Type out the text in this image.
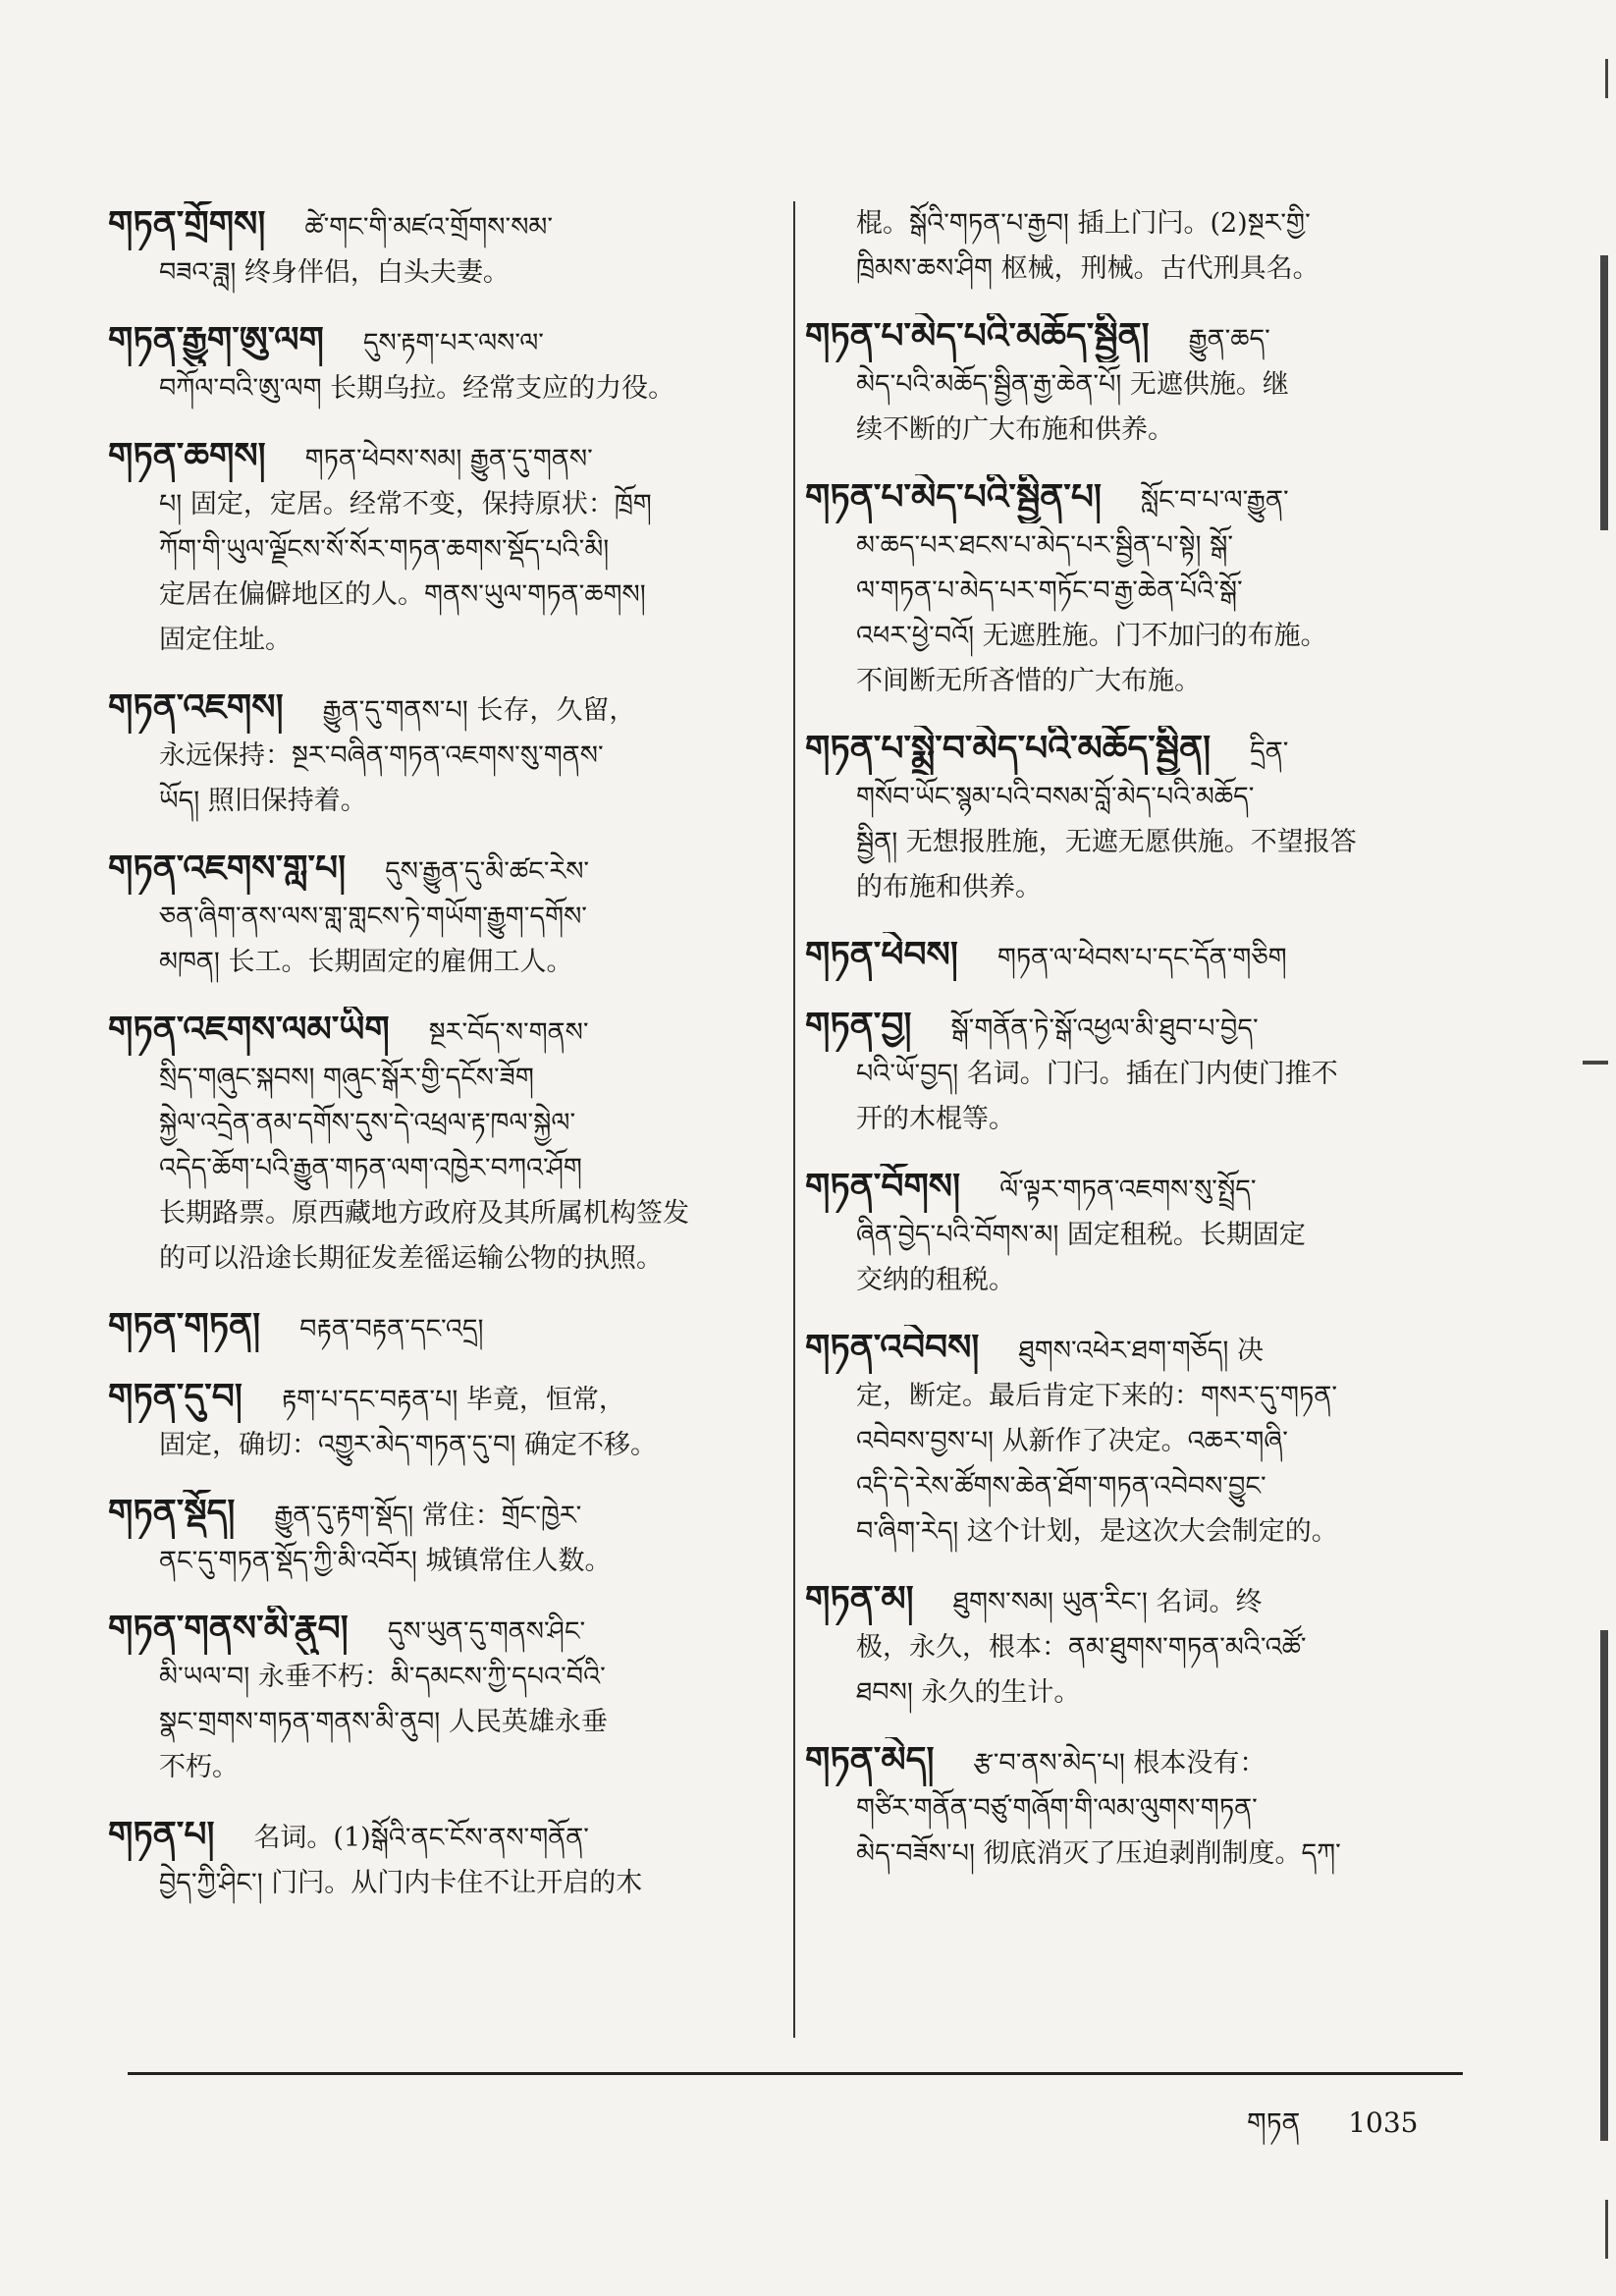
གཏན་གྲོགས། ཚེ་གང་གི་མཛའ་གྲོགས་སམ་
བཟའ་ཟླ། 终身伴侣，白头夫妻。
གཏན་རྒྱུག་ཨུ་ལག དུས་རྟག་པར་ལས་ལ་
བཀོལ་བའི་ཨུ་ལག 长期乌拉。经常支应的力役。
གཏན་ཆགས། གཏན་ཕེབས་སམ། རྒྱུན་དུ་གནས་
པ། 固定，定居。经常不变，保持原状：ཁྲོག
ཀོག་གི་ཡུལ་ལྗོངས་སོ་སོར་གཏན་ཆགས་སྡོད་པའི་མི།
定居在偏僻地区的人。གནས་ཡུལ་གཏན་ཆགས།
固定住址。
གཏན་འཇགས། རྒྱུན་དུ་གནས་པ། 长存，久留，
永远保持：སྔར་བཞིན་གཏན་འཇགས་སུ་གནས་
ཡོད། 照旧保持着。
གཏན་འཇགས་གླ་པ། དུས་རྒྱུན་དུ་མི་ཚང་རེས་
ཅན་ཞིག་ནས་ལས་གླ་གླངས་ཏེ་གཡོག་རྒྱུག་དགོས་
མཁན། 长工。长期固定的雇佣工人。
གཏན་འཇགས་ལམ་ཡིག སྔར་བོད་ས་གནས་
སྲིད་གཞུང་སྐབས། གཞུང་སྒོར་གྱི་དངོས་ཟོག
སྐྱེལ་འདྲེན་ནམ་དགོས་དུས་དེ་འཕྲལ་རྟ་ཁལ་སྐྱེལ་
འདེད་ཆོག་པའི་རྒྱུན་གཏན་ལག་འཁྱེར་བཀའ་ཤོག
长期路票。原西藏地方政府及其所属机构签发
的可以沿途长期征发差徭运输公物的执照。
གཏན་གཏན། བརྟན་བརྟན་དང་འདྲ།
གཏན་དུ་བ། རྟག་པ་དང་བརྟན་པ། 毕竟，恒常，
固定，确切：འགྱུར་མེད་གཏན་དུ་བ། 确定不移。
གཏན་སྡོད། རྒྱུན་དུ་རྟག་སྡོད། 常住：གྲོང་ཁྱེར་
ནང་དུ་གཏན་སྡོད་ཀྱི་མི་འབོར། 城镇常住人数。
གཏན་གནས་མི་རྣུབ། དུས་ཡུན་དུ་གནས་ཤིང་
མི་ཡལ་བ། 永垂不朽：མི་དམངས་ཀྱི་དཔའ་བོའི་
སྣང་གྲགས་གཏན་གནས་མི་ནུབ། 人民英雄永垂
不朽。
གཏན་པ། 名词。(1)སྒོའི་ནང་ངོས་ནས་གནོན་
བྱེད་ཀྱི་ཤིང་། 门闩。从门内卡住不让开启的木
棍。སྒོའི་གཏན་པ་རྒྱབ། 插上门闩。(2)སྔར་གྱི་
ཁྲིམས་ཆས་ཤིག 枢械，刑械。古代刑具名。
གཏན་པ་མེད་པའི་མཆོད་སྦྱིན། རྒྱུན་ཆད་
མེད་པའི་མཆོད་སྦྱིན་རྒྱ་ཆེན་པོ། 无遮供施。继
续不断的广大布施和供养。
གཏན་པ་མེད་པའི་སྦྱིན་པ། སློང་བ་པ་ལ་རྒྱུན་
མ་ཆད་པར་ཐངས་པ་མེད་པར་སྦྱིན་པ་སྟེ། སྒོ་
ལ་གཏན་པ་མེད་པར་གཏོང་བ་རྒྱ་ཆེན་པོའི་སྒོ་
འཕར་ཕྱེ་བའོ། 无遮胜施。门不加闩的布施。
不间断无所吝惜的广大布施。
གཏན་པ་སྨྲེ་བ་མེད་པའི་མཆོད་སྦྱིན། དྲིན་
གསོབ་ཡོང་སྙམ་པའི་བསམ་བློ་མེད་པའི་མཆོད་
སྦྱིན། 无想报胜施，无遮无愿供施。不望报答
的布施和供养。
གཏན་ཕེབས། གཏན་ལ་ཕེབས་པ་དང་དོན་གཅིག
གཏན་བྱ། སྒོ་གནོན་ཏེ་སྒོ་འཕྱལ་མི་ཐུབ་པ་བྱེད་
པའི་ཡོ་བྱད། 名词。门闩。插在门内使门推不
开的木棍等。
གཏན་བོགས། ལོ་ལྟར་གཏན་འཇགས་སུ་སྤྲོད་
ཞིན་བྱེད་པའི་བོགས་མ། 固定租税。长期固定
交纳的租税。
གཏན་འབེབས། ཐུགས་འཕེར་ཐག་གཅོད། 决
定，断定。最后肯定下来的：གསར་དུ་གཏན་
འབེབས་བྱས་པ། 从新作了决定。འཆར་གཞི་
འདི་དེ་རེས་ཚོགས་ཆེན་ཐོག་གཏན་འབེབས་བྱུང་
བ་ཞིག་རེད། 这个计划，是这次大会制定的。
གཏན་མ། ཐུགས་སམ། ཡུན་རིང་། 名词。终
极，永久，根本：ནམ་ཐུགས་གཏན་མའི་འཚོ་
ཐབས། 永久的生计。
གཏན་མེད། རྩ་བ་ནས་མེད་པ། 根本没有：
གཙིར་གནོན་བཙུ་གཞོག་གི་ལམ་ལུགས་གཏན་
མེད་བཟོས་པ། 彻底消灭了压迫剥削制度。དཀ་
གཏན 1035
